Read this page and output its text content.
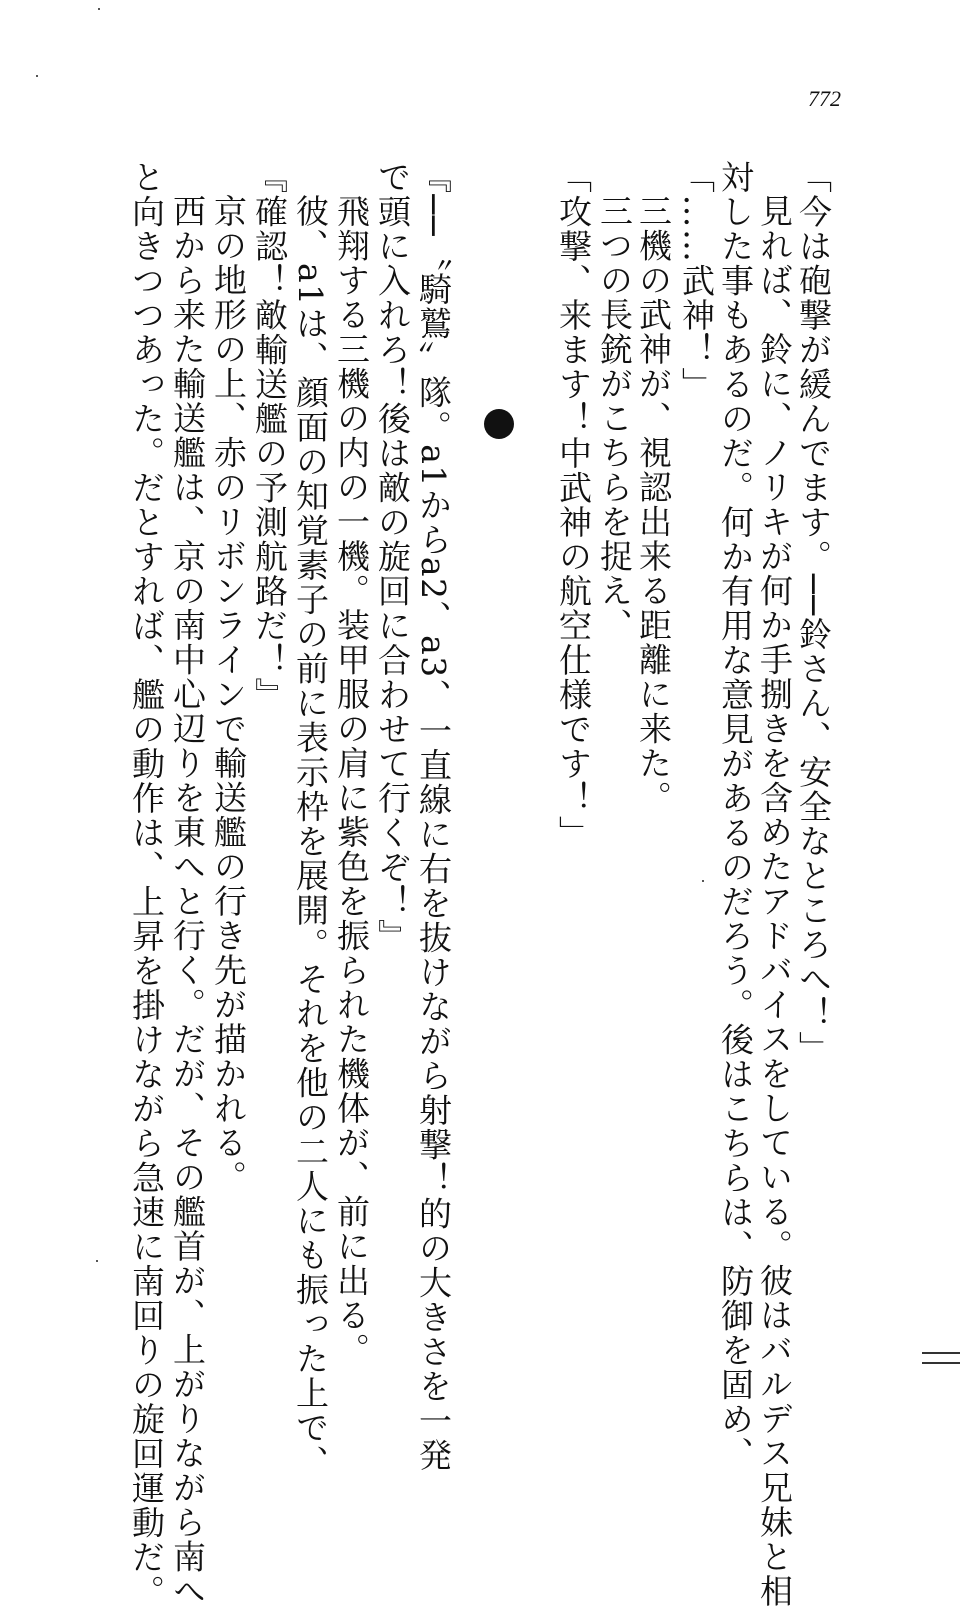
772
「今は砲撃が緩んでます。──鈴さん、安全なところへ！」
見れば、鈴に、ノリキが何か手捌きを含めたアドバイスをしている。彼はバルデス兄妹と相
対した事もあるのだ。何か有用な意見があるのだろう。後はこちらは、防御を固め、
「……武神！」
三機の武神が、視認出来る距離に来た。
三つの長銃がこちらを捉え、
「攻撃、来ます！中武神の航空仕様です！」
『──〝騎鷲〟隊。a1からa2、a3、一直線に右を抜けながら射撃！的の大きさを一発
で頭に入れろ！後は敵の旋回に合わせて行くぞ！』
飛翔する三機の内の一機。装甲服の肩に紫色を振られた機体が、前に出る。
彼、a1は、顔面の知覚素子の前に表示枠を展開。それを他の二人にも振った上で、
『確認！敵輸送艦の予測航路だ！』
京の地形の上、赤のリボンラインで輸送艦の行き先が描かれる。
西から来た輸送艦は、京の南中心辺りを東へと行く。だが、その艦首が、上がりながら南へ
と向きつつあった。だとすれば、艦の動作は、上昇を掛けながら急速に南回りの旋回運動だ。
